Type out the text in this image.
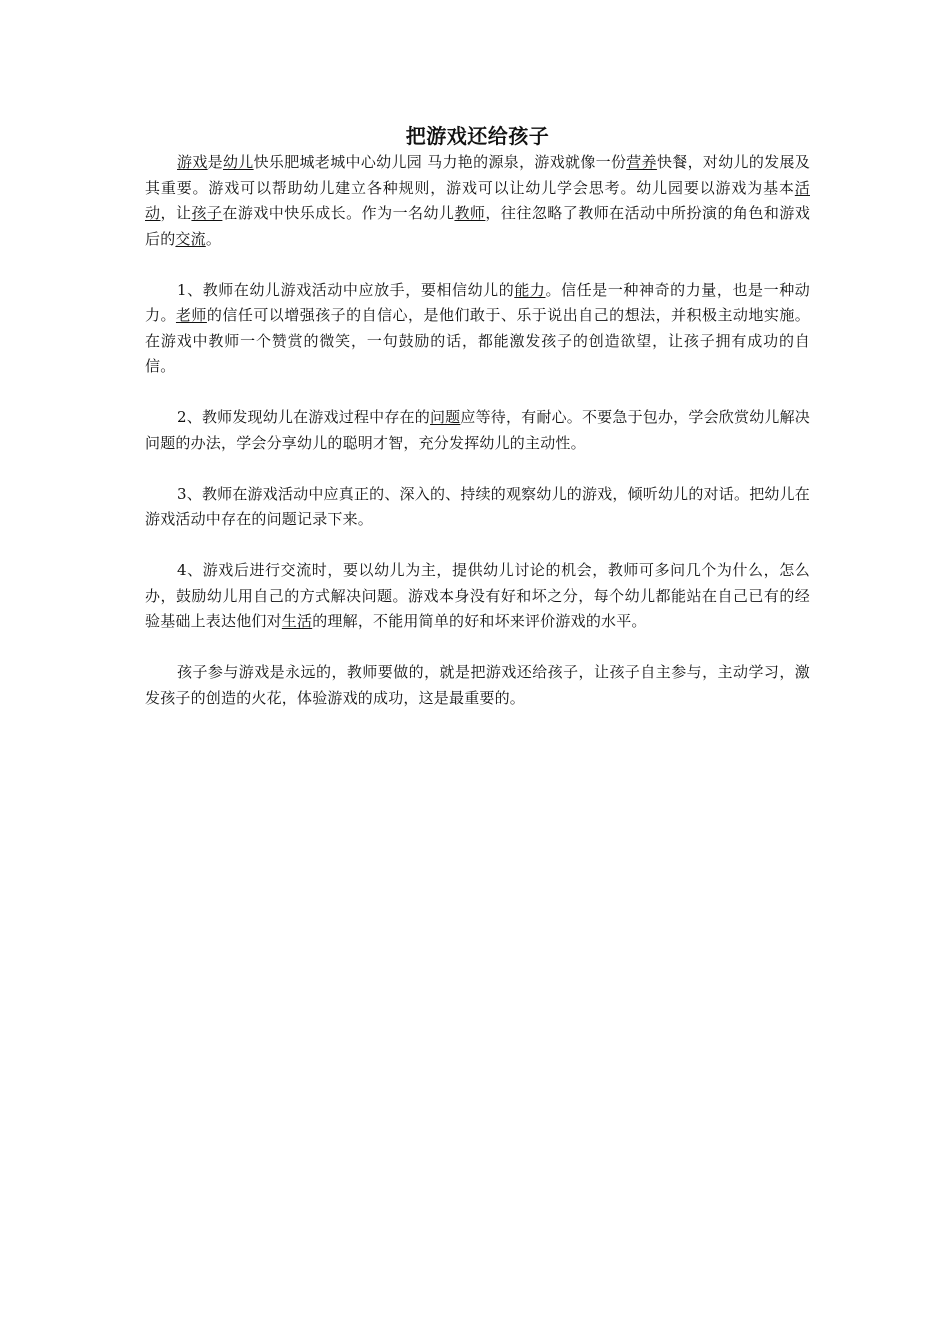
把游戏还给孩子

游戏是幼儿快乐肥城老城中心幼儿园 马力艳的源泉，游戏就像一份营养快餐，对幼儿的发展及其重要。游戏可以帮助幼儿建立各种规则，游戏可以让幼儿学会思考。幼儿园要以游戏为基本活动，让孩子在游戏中快乐成长。作为一名幼儿教师，往往忽略了教师在活动中所扮演的角色和游戏后的交流。

1、教师在幼儿游戏活动中应放手，要相信幼儿的能力。信任是一种神奇的力量，也是一种动力。老师的信任可以增强孩子的自信心，是他们敢于、乐于说出自己的想法，并积极主动地实施。在游戏中教师一个赞赏的微笑，一句鼓励的话，都能激发孩子的创造欲望，让孩子拥有成功的自信。

2、教师发现幼儿在游戏过程中存在的问题应等待，有耐心。不要急于包办，学会欣赏幼儿解决问题的办法，学会分享幼儿的聪明才智，充分发挥幼儿的主动性。

3、教师在游戏活动中应真正的、深入的、持续的观察幼儿的游戏，倾听幼儿的对话。把幼儿在游戏活动中存在的问题记录下来。

4、游戏后进行交流时，要以幼儿为主，提供幼儿讨论的机会，教师可多问几个为什么，怎么办，鼓励幼儿用自己的方式解决问题。游戏本身没有好和坏之分，每个幼儿都能站在自己已有的经验基础上表达他们对生活的理解，不能用简单的好和坏来评价游戏的水平。

孩子参与游戏是永远的，教师要做的，就是把游戏还给孩子，让孩子自主参与，主动学习，激发孩子的创造的火花，体验游戏的成功，这是最重要的。
